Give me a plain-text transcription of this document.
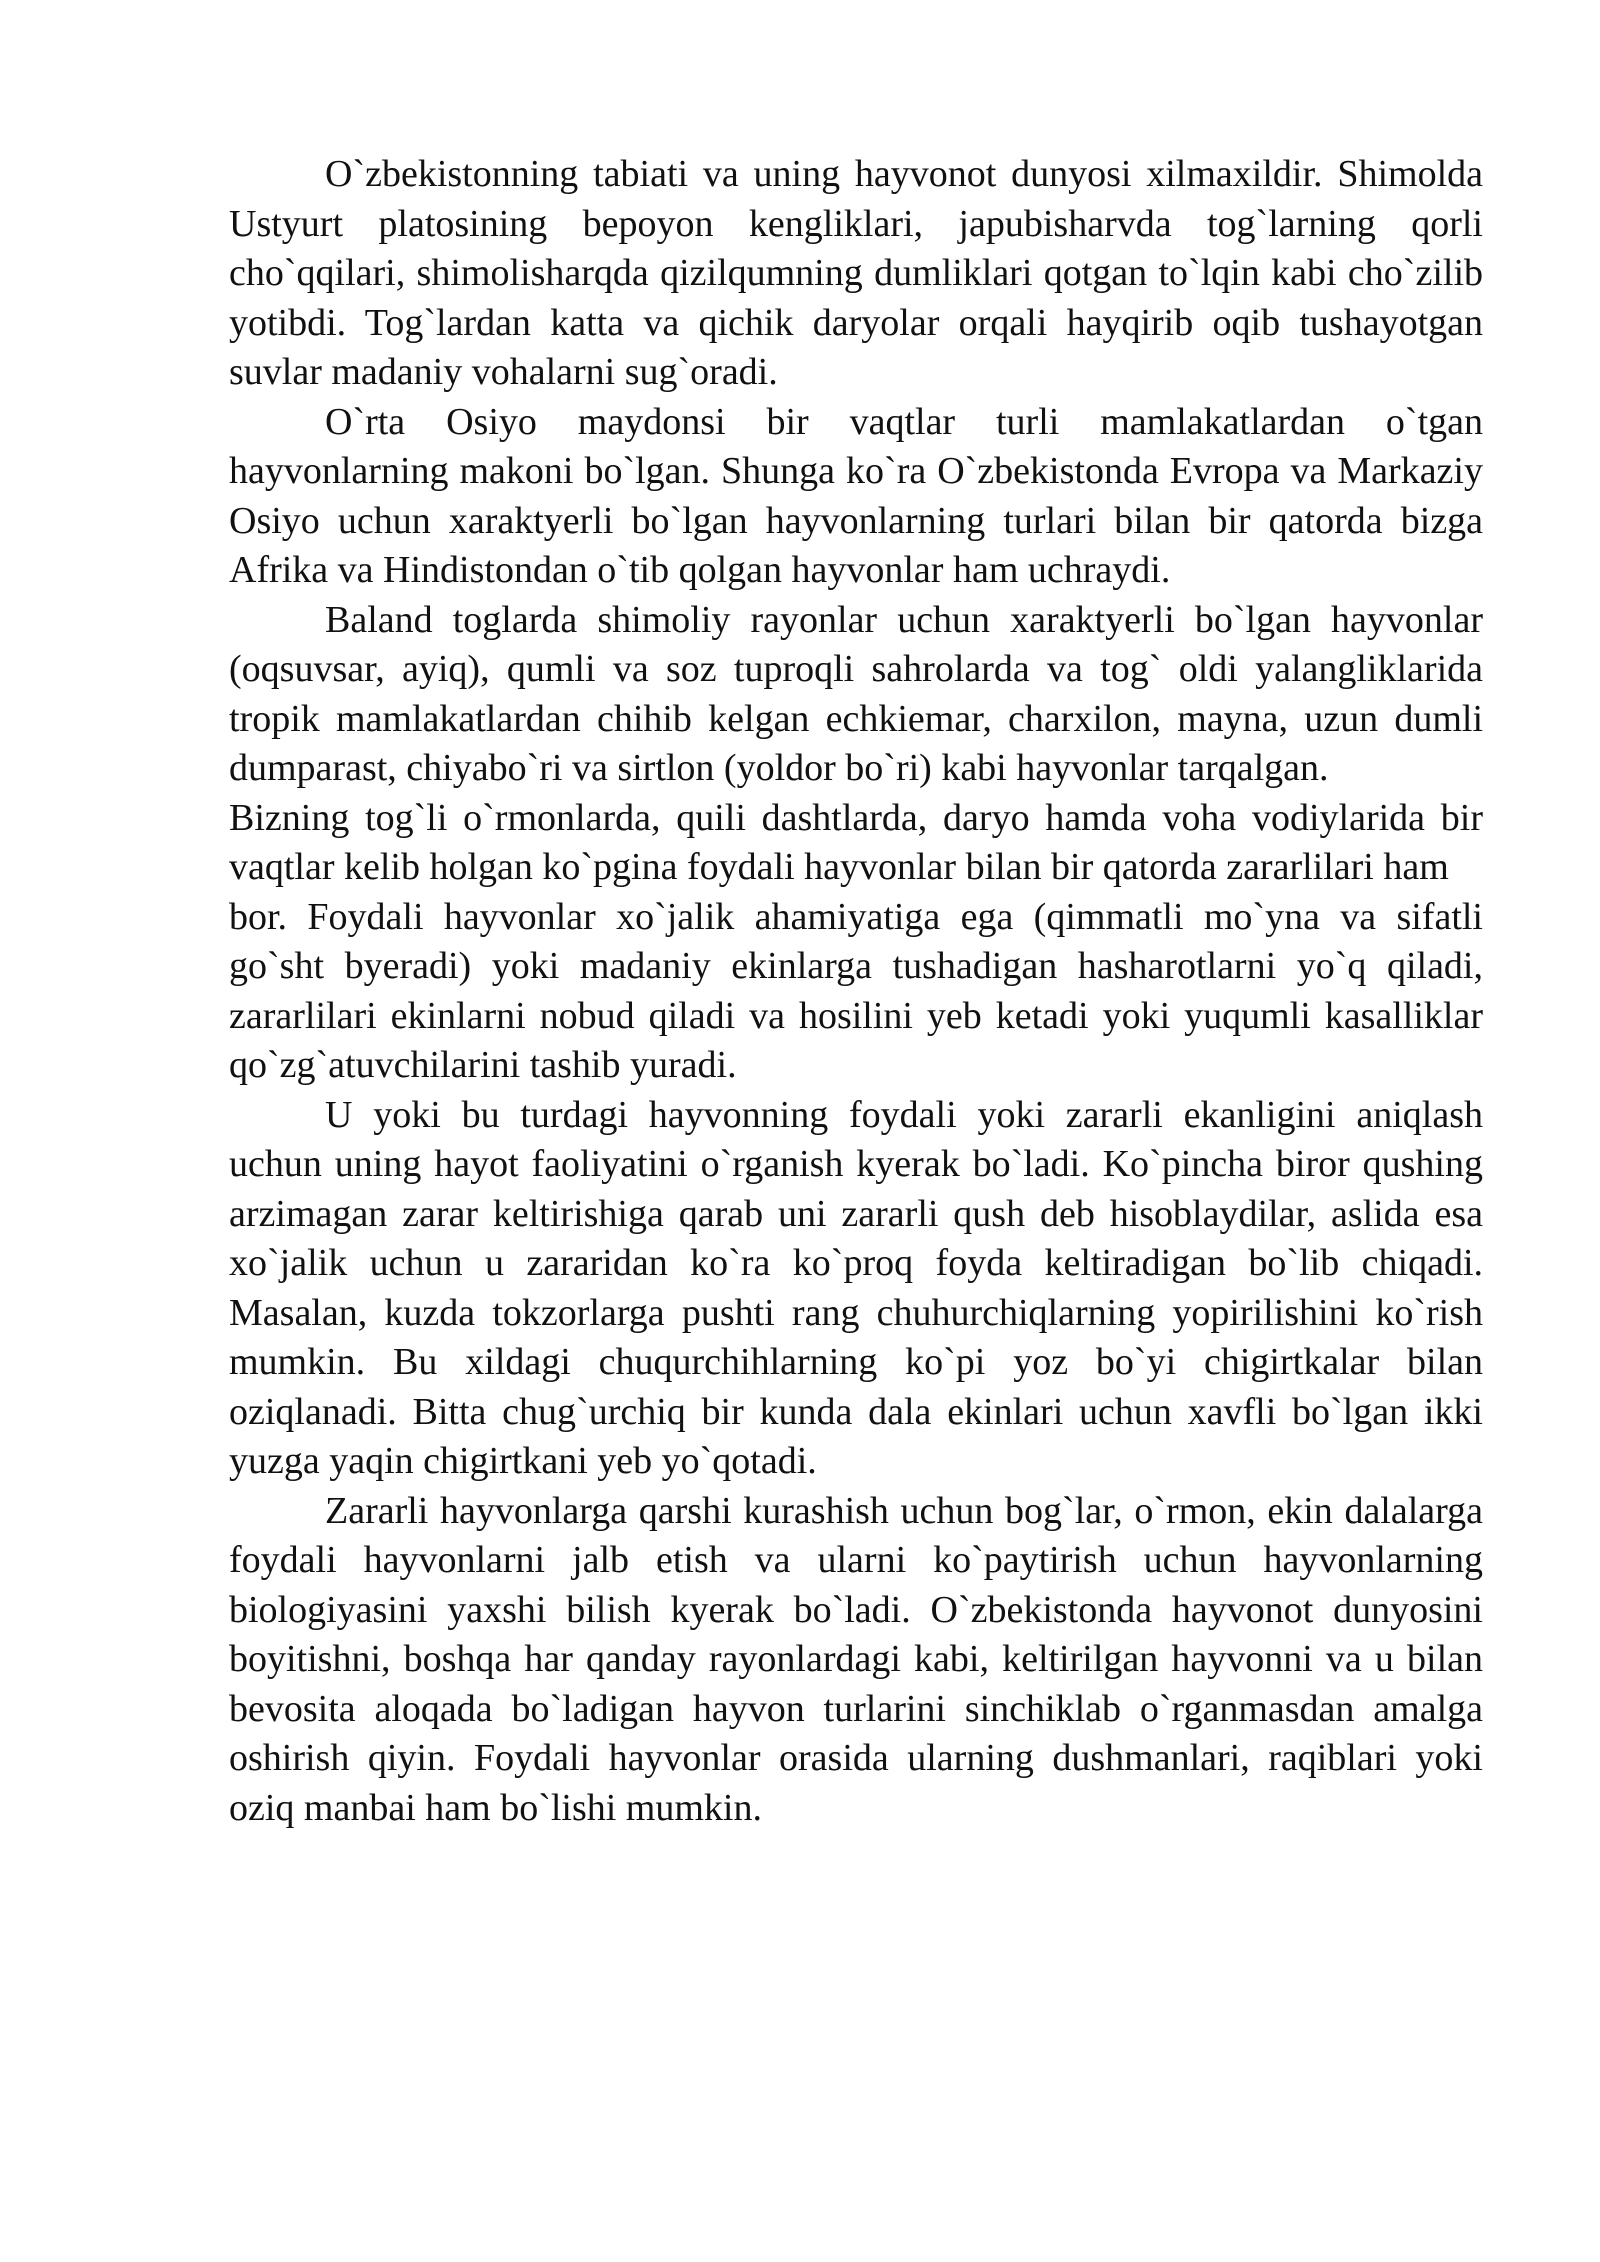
O`zbekistonning tabiati va uning hayvonot dunyosi xilmaxildir. Shimolda Ustyurt platosining bepoyon kengliklari, japubisharvda tog`larning qorli cho`qqilari, shimolisharqda qizilqumning dumliklari qotgan to`lqin kabi cho`zilib yotibdi. Tog`lardan katta va qichik daryolar orqali hayqirib oqib tushayotgan suvlar madaniy vohalarni sug`oradi.

O`rta Osiyo maydonsi bir vaqtlar turli mamlakatlardan o`tgan hayvonlarning makoni bo`lgan. Shunga ko`ra O`zbekistonda Evropa va Markaziy Osiyo uchun xaraktyerli bo`lgan hayvonlarning turlari bilan bir qatorda bizga Afrika va Hindistondan o`tib qolgan hayvonlar ham uchraydi.

Baland toglarda shimoliy rayonlar uchun xaraktyerli bo`lgan hayvonlar (oqsuvsar, ayiq), qumli va soz tuproqli sahrolarda va tog` oldi yalangliklarida tropik mamlakatlardan chihib kelgan echkiemar, charxilon, mayna, uzun dumli dumparast, chiyabo`ri va sirtlon (yoldor bo`ri) kabi hayvonlar tarqalgan.

Bizning tog`li o`rmonlarda, quili dashtlarda, daryo hamda voha vodiylarida bir vaqtlar kelib holgan ko`pgina foydali hayvonlar bilan bir qatorda zararlilari ham

bor. Foydali hayvonlar xo`jalik ahamiyatiga ega (qimmatli mo`yna va sifatli go`sht byeradi) yoki madaniy ekinlarga tushadigan hasharotlarni yo`q qiladi, zararlilari ekinlarni nobud qiladi va hosilini yeb ketadi yoki yuqumli kasalliklar qo`zg`atuvchilarini tashib yuradi.

U yoki bu turdagi hayvonning foydali yoki zararli ekanligini aniqlash uchun uning hayot faoliyatini o`rganish kyerak bo`ladi. Ko`pincha biror qushing arzimagan zarar keltirishiga qarab uni zararli qush deb hisoblaydilar, aslida esa xo`jalik uchun u zararidan ko`ra ko`proq foyda keltiradigan bo`lib chiqadi. Masalan, kuzda tokzorlarga pushti rang chuhurchiqlarning yopirilishini ko`rish mumkin. Bu xildagi chuqurchihlarning ko`pi yoz bo`yi chigirtkalar bilan oziqlanadi. Bitta chug`urchiq bir kunda dala ekinlari uchun xavfli bo`lgan ikki yuzga yaqin chigirtkani yeb yo`qotadi.

Zararli hayvonlarga qarshi kurashish uchun bog`lar, o`rmon, ekin dalalarga foydali hayvonlarni jalb etish va ularni ko`paytirish uchun hayvonlarning biologiyasini yaxshi bilish kyerak bo`ladi. O`zbekistonda hayvonot dunyosini boyitishni, boshqa har qanday rayonlardagi kabi, keltirilgan hayvonni va u bilan bevosita aloqada bo`ladigan hayvon turlarini sinchiklab o`rganmasdan amalga oshirish qiyin. Foydali hayvonlar orasida ularning dushmanlari, raqiblari yoki oziq manbai ham bo`lishi mumkin.
